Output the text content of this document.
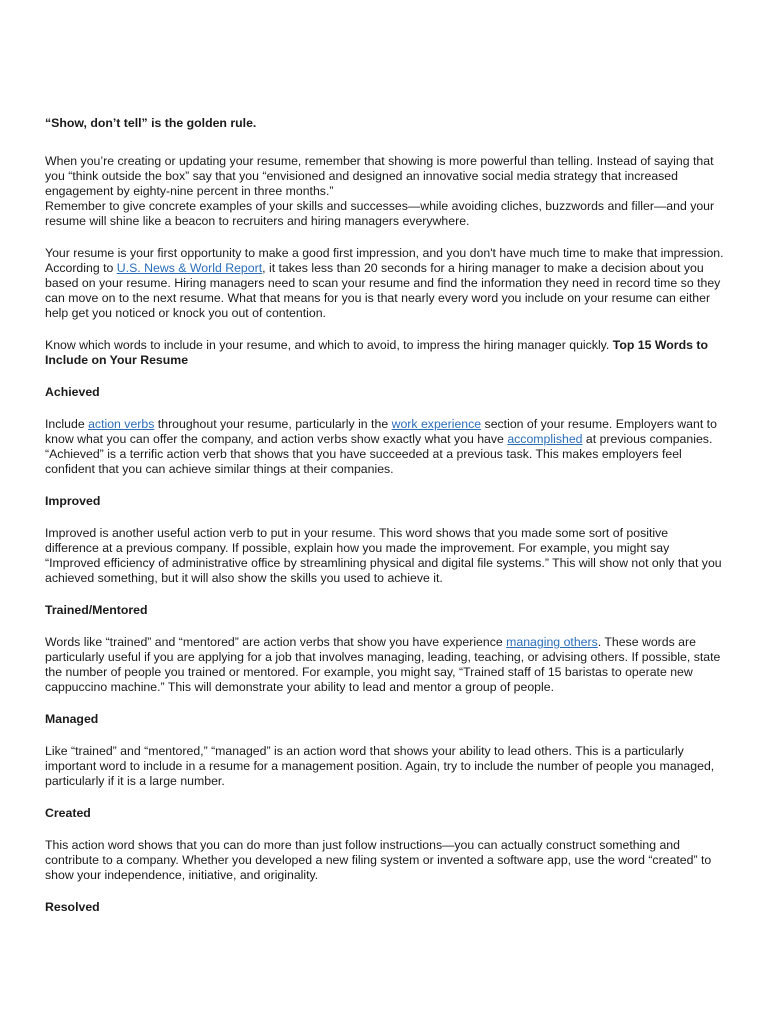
“Show, don’t tell” is the golden rule.

When you’re creating or updating your resume, remember that showing is more powerful than telling. Instead of saying that you “think outside the box” say that you “envisioned and designed an innovative social media strategy that increased engagement by eighty-nine percent in three months.”

Remember to give concrete examples of your skills and successes—while avoiding cliches, buzzwords and filler—and your resume will shine like a beacon to recruiters and hiring managers everywhere.

Your resume is your first opportunity to make a good first impression, and you don't have much time to make that impression. According to U.S. News & World Report, it takes less than 20 seconds for a hiring manager to make a decision about you based on your resume. Hiring managers need to scan your resume and find the information they need in record time so they can move on to the next resume. What that means for you is that nearly every word you include on your resume can either help get you noticed or knock you out of contention.

Know which words to include in your resume, and which to avoid, to impress the hiring manager quickly. Top 15 Words to Include on Your Resume

Achieved

Include action verbs throughout your resume, particularly in the work experience section of your resume. Employers want to know what you can offer the company, and action verbs show exactly what you have accomplished at previous companies. “Achieved” is a terrific action verb that shows that you have succeeded at a previous task. This makes employers feel confident that you can achieve similar things at their companies.

Improved

Improved is another useful action verb to put in your resume. This word shows that you made some sort of positive difference at a previous company. If possible, explain how you made the improvement. For example, you might say “Improved efficiency of administrative office by streamlining physical and digital file systems.” This will show not only that you achieved something, but it will also show the skills you used to achieve it.

Trained/Mentored

Words like “trained” and “mentored” are action verbs that show you have experience managing others. These words are particularly useful if you are applying for a job that involves managing, leading, teaching, or advising others. If possible, state the number of people you trained or mentored. For example, you might say, “Trained staff of 15 baristas to operate new cappuccino machine.” This will demonstrate your ability to lead and mentor a group of people.

Managed

Like “trained” and “mentored,” “managed” is an action word that shows your ability to lead others. This is a particularly important word to include in a resume for a management position. Again, try to include the number of people you managed, particularly if it is a large number.

Created

This action word shows that you can do more than just follow instructions—you can actually construct something and contribute to a company. Whether you developed a new filing system or invented a software app, use the word “created” to show your independence, initiative, and originality.

Resolved
